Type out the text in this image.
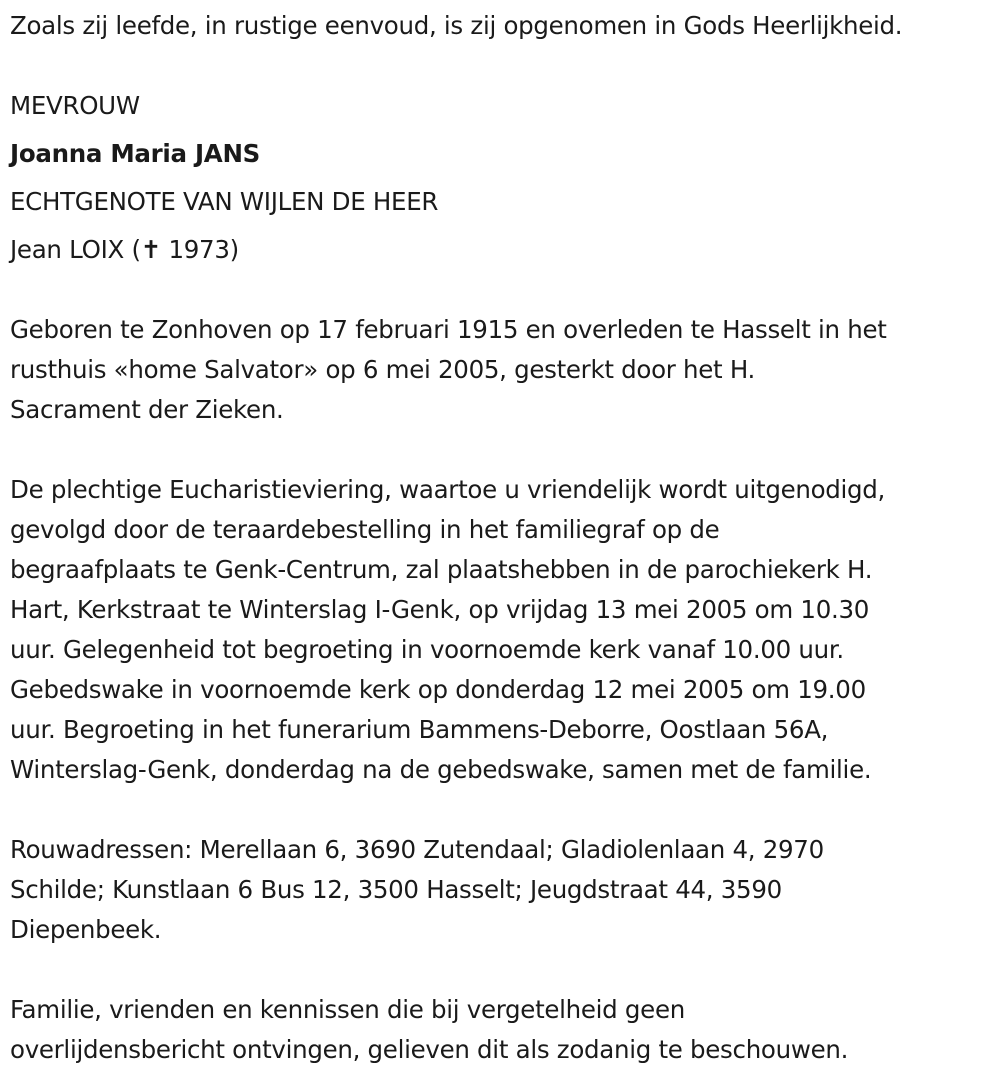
Zoals zij leefde, in rustige eenvoud, is zij opgenomen in Gods Heerlijkheid.
MEVROUW
Joanna Maria JANS
ECHTGENOTE VAN WIJLEN DE HEER
Jean LOIX (✝ 1973)
Geboren te Zonhoven op 17 februari 1915 en overleden te Hasselt in het
rusthuis «home Salvator» op 6 mei 2005, gesterkt door het H.
Sacrament der Zieken.
De plechtige Eucharistieviering, waartoe u vriendelijk wordt uitgenodigd,
gevolgd door de teraardebestelling in het familiegraf op de
begraafplaats te Genk-Centrum, zal plaatshebben in de parochiekerk H.
Hart, Kerkstraat te Winterslag I-Genk, op vrijdag 13 mei 2005 om 10.30
uur. Gelegenheid tot begroeting in voornoemde kerk vanaf 10.00 uur.
Gebedswake in voornoemde kerk op donderdag 12 mei 2005 om 19.00
uur. Begroeting in het funerarium Bammens-Deborre, Oostlaan 56A,
Winterslag-Genk, donderdag na de gebedswake, samen met de familie.
Rouwadressen: Merellaan 6, 3690 Zutendaal; Gladiolenlaan 4, 2970
Schilde; Kunstlaan 6 Bus 12, 3500 Hasselt; Jeugdstraat 44, 3590
Diepenbeek.
Familie, vrienden en kennissen die bij vergetelheid geen
overlijdensbericht ontvingen, gelieven dit als zodanig te beschouwen.
